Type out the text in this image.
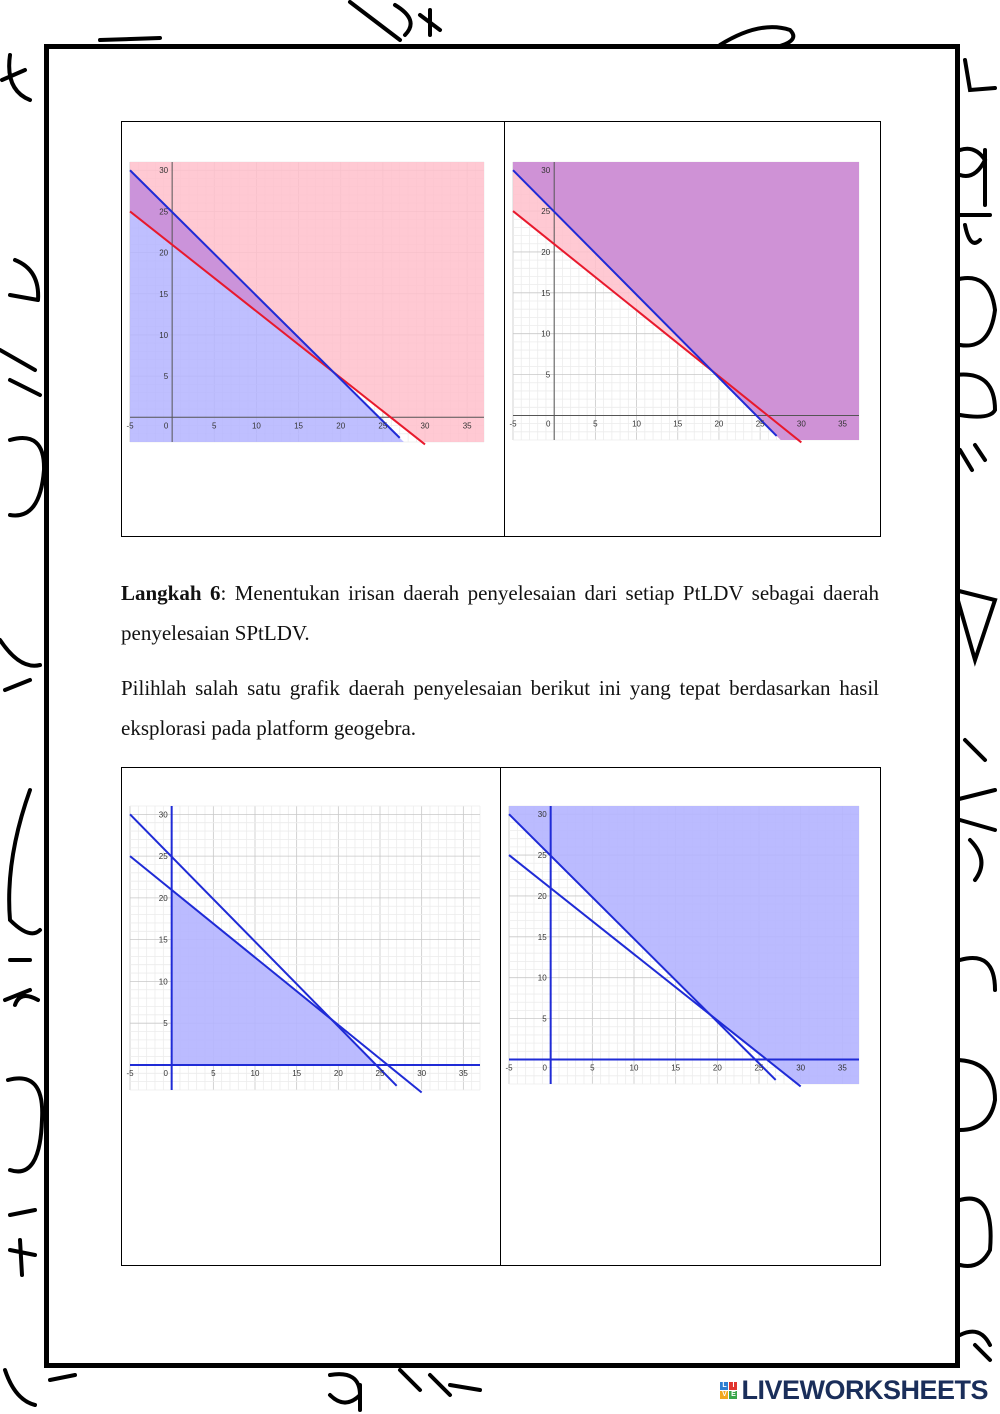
-5	0	5	10	15	20	25	30	35
5
10
15
20
25
30
-5	0	5	10	15	20	25	30	35
5
10
15
20
25
30

Langkah 6: Menentukan irisan daerah penyelesaian dari setiap PtLDV sebagai daerah penyelesaian SPtLDV.

Pilihlah salah satu grafik daerah penyelesaian berikut ini yang tepat berdasarkan hasil eksplorasi pada platform geogebra.

-5	0	5	10	15	20	25	30	35
5
10
15
20
25
30
-5	0	5	10	15	20	25	30	35
5
10
15
20
25
30
L I
V E LIVEWORKSHEETS
